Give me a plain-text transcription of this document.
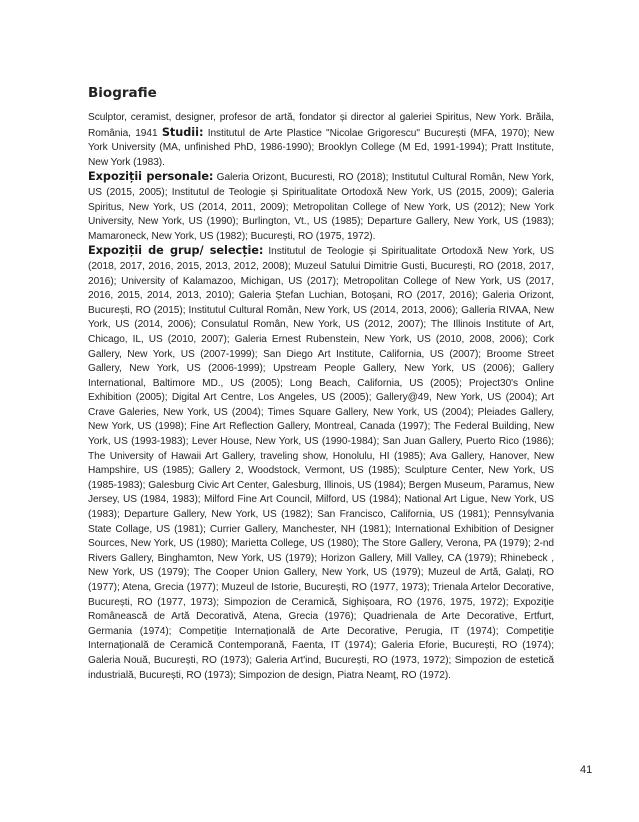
Biografie

Sculptor, ceramist, designer, profesor de artă, fondator și director al galeriei Spiritus, New York. Brăila, România, 1941 Studii: Institutul de Arte Plastice "Nicolae Grigorescu" București (MFA, 1970); New York University (MA, unfinished PhD, 1986-1990); Brooklyn College (M Ed, 1991-1994); Pratt Institute, New York (1983).

Expoziții personale: Galeria Orizont, Bucuresti, RO (2018); Institutul Cultural Român, New York, US (2015, 2005); Institutul de Teologie și Spiritualitate Ortodoxă New York, US (2015, 2009); Galeria Spiritus, New York, US (2014, 2011, 2009); Metropolitan College of New York, US (2012); New York University, New York, US (1990); Burlington, Vt., US (1985); Departure Gallery, New York, US (1983); Mamaroneck, New York, US (1982); București, RO (1975, 1972).

Expoziții de grup/ selecție: Institutul de Teologie și Spiritualitate Ortodoxă New York, US (2018, 2017, 2016, 2015, 2013, 2012, 2008); Muzeul Satului Dimitrie Gusti, București, RO (2018, 2017, 2016); University of Kalamazoo, Michigan, US (2017); Metropolitan College of New York, US (2017, 2016, 2015, 2014, 2013, 2010); Galeria Ștefan Luchian, Botoșani, RO (2017, 2016); Galeria Orizont, București, RO (2015); Institutul Cultural Român, New York, US (2014, 2013, 2006); Galleria RIVAA, New York, US (2014, 2006); Consulatul Român, New York, US (2012, 2007); The Illinois Institute of Art, Chicago, IL, US (2010, 2007); Galeria Ernest Rubenstein, New York, US (2010, 2008, 2006); Cork Gallery, New York, US (2007-1999); San Diego Art Institute, California, US (2007); Broome Street Gallery, New York, US (2006-1999); Upstream People Gallery, New York, US (2006); Gallery International, Baltimore MD., US (2005); Long Beach, California, US (2005); Project30's Online Exhibition (2005); Digital Art Centre, Los Angeles, US (2005); Gallery@49, New York, US (2004); Art Crave Galeries, New York, US (2004); Times Square Gallery, New York, US (2004); Pleiades Gallery, New York, US (1998); Fine Art Reflection Gallery, Montreal, Canada (1997); The Federal Building, New York, US (1993-1983); Lever House, New York, US (1990-1984); San Juan Gallery, Puerto Rico (1986); The University of Hawaii Art Gallery, traveling show, Honolulu, HI (1985); Ava Gallery, Hanover, New Hampshire, US (1985); Gallery 2, Woodstock, Vermont, US (1985); Sculpture Center, New York, US (1985-1983); Galesburg Civic Art Center, Galesburg, Illinois, US (1984); Bergen Museum, Paramus, New Jersey, US (1984, 1983); Milford Fine Art Council, Milford, US (1984); National Art Ligue, New York, US (1983); Departure Gallery, New York, US (1982); San Francisco, California, US (1981); Pennsylvania State Collage, US (1981); Currier Gallery, Manchester, NH (1981); International Exhibition of Designer Sources, New York, US (1980); Marietta College, US (1980); The Store Gallery, Verona, PA (1979); 2-nd Rivers Gallery, Binghamton, New York, US (1979); Horizon Gallery, Mill Valley, CA (1979); Rhinebeck , New York, US (1979); The Cooper Union Gallery, New York, US (1979); Muzeul de Artă, Galați, RO (1977); Atena, Grecia (1977); Muzeul de Istorie, București, RO (1977, 1973); Trienala Artelor Decorative, București, RO (1977, 1973); Simpozion de Ceramică, Sighișoara, RO (1976, 1975, 1972); Expoziție Românească de Artă Decorativă, Atena, Grecia (1976); Quadrienala de Arte Decorative, Ertfurt, Germania (1974); Competiție Internațională de Arte Decorative, Perugia, IT (1974); Competiție Internațională de Ceramică Contemporană, Faenta, IT (1974); Galeria Eforie, București, RO (1974); Galeria Nouă, București, RO (1973); Galeria Art'ind, București, RO (1973, 1972); Simpozion de estetică industrială, București, RO (1973); Simpozion de design, Piatra Neamț, RO (1972).

41
